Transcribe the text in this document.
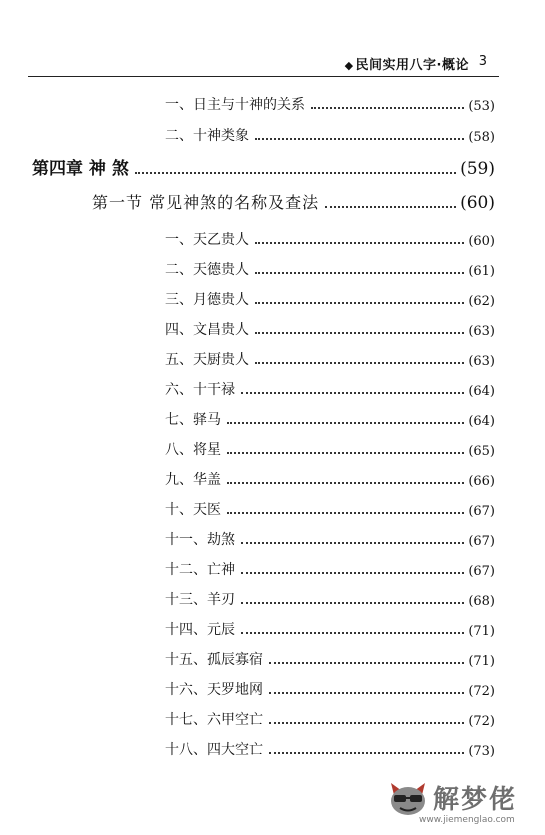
◆ 民间实用八字·概论 3
一、日主与十神的关系	(53)
二、十神类象	(58)
第四章 神 煞	(59)
第一节 常见神煞的名称及查法	(60)
一、天乙贵人	(60)
二、天德贵人	(61)
三、月德贵人	(62)
四、文昌贵人	(63)
五、天厨贵人	(63)
六、十干禄	(64)
七、驿马	(64)
八、将星	(65)
九、华盖	(66)
十、天医	(67)
十一、劫煞	(67)
十二、亡神	(67)
十三、羊刃	(68)
十四、元辰	(71)
十五、孤辰寡宿	(71)
十六、天罗地网	(72)
十七、六甲空亡	(72)
十八、四大空亡	(73)
解梦佬
www.jiemenglao.com
